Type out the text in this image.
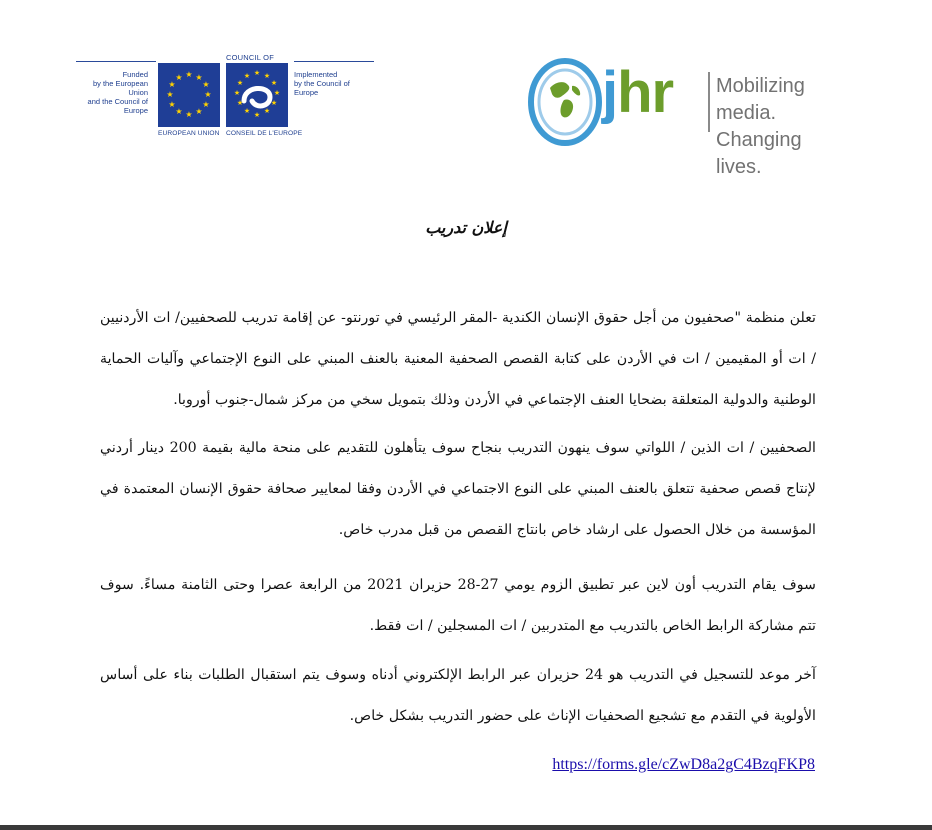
Funded
by the European Union
and the Council of Europe
COUNCIL OF
★ ★
★
★
★
★
★
★
★
★
★
★	★ ★
★
★
★
★
★
★
★
★
★
★	Implemented
by the Council of Europe
EUROPEAN UNION CONSEIL DE L'EUROPE
jhr Mobilizing media.
Changing lives.
إعلان تدريب
تعلن منظمة "صحفيون من أجل حقوق الإنسان الكندية -المقر الرئيسي في تورنتو- عن إقامة تدريب للصحفيين/ ات الأردنيين / ات أو المقيمين / ات في الأردن على كتابة القصص الصحفية المعنية بالعنف المبني على النوع الإجتماعي وآليات الحماية الوطنية والدولية المتعلقة بضحايا العنف الإجتماعي في الأردن وذلك بتمويل سخي من مركز شمال-جنوب أوروبا.
الصحفيين / ات الذين / اللواتي سوف ينهون التدريب بنجاح سوف يتأهلون للتقديم على منحة مالية بقيمة 200 دينار أردني لإنتاج قصص صحفية تتعلق بالعنف المبني على النوع الاجتماعي في الأردن وفقا لمعايير صحافة حقوق الإنسان المعتمدة في المؤسسة من خلال الحصول على ارشاد خاص بانتاج القصص من قبل مدرب خاص.
سوف يقام التدريب أون لاين عبر تطبيق الزوم يومي 27-28 حزيران 2021 من الرابعة عصرا وحتى الثامنة مساءً. سوف تتم مشاركة الرابط الخاص بالتدريب مع المتدربين / ات المسجلين / ات فقط.
آخر موعد للتسجيل في التدريب هو 24 حزيران عبر الرابط الإلكتروني أدناه وسوف يتم استقبال الطلبات بناء على أساس الأولوية في التقدم مع تشجيع الصحفيات الإناث على حضور التدريب بشكل خاص.
https://forms.gle/cZwD8a2gC4BzqFKP8
